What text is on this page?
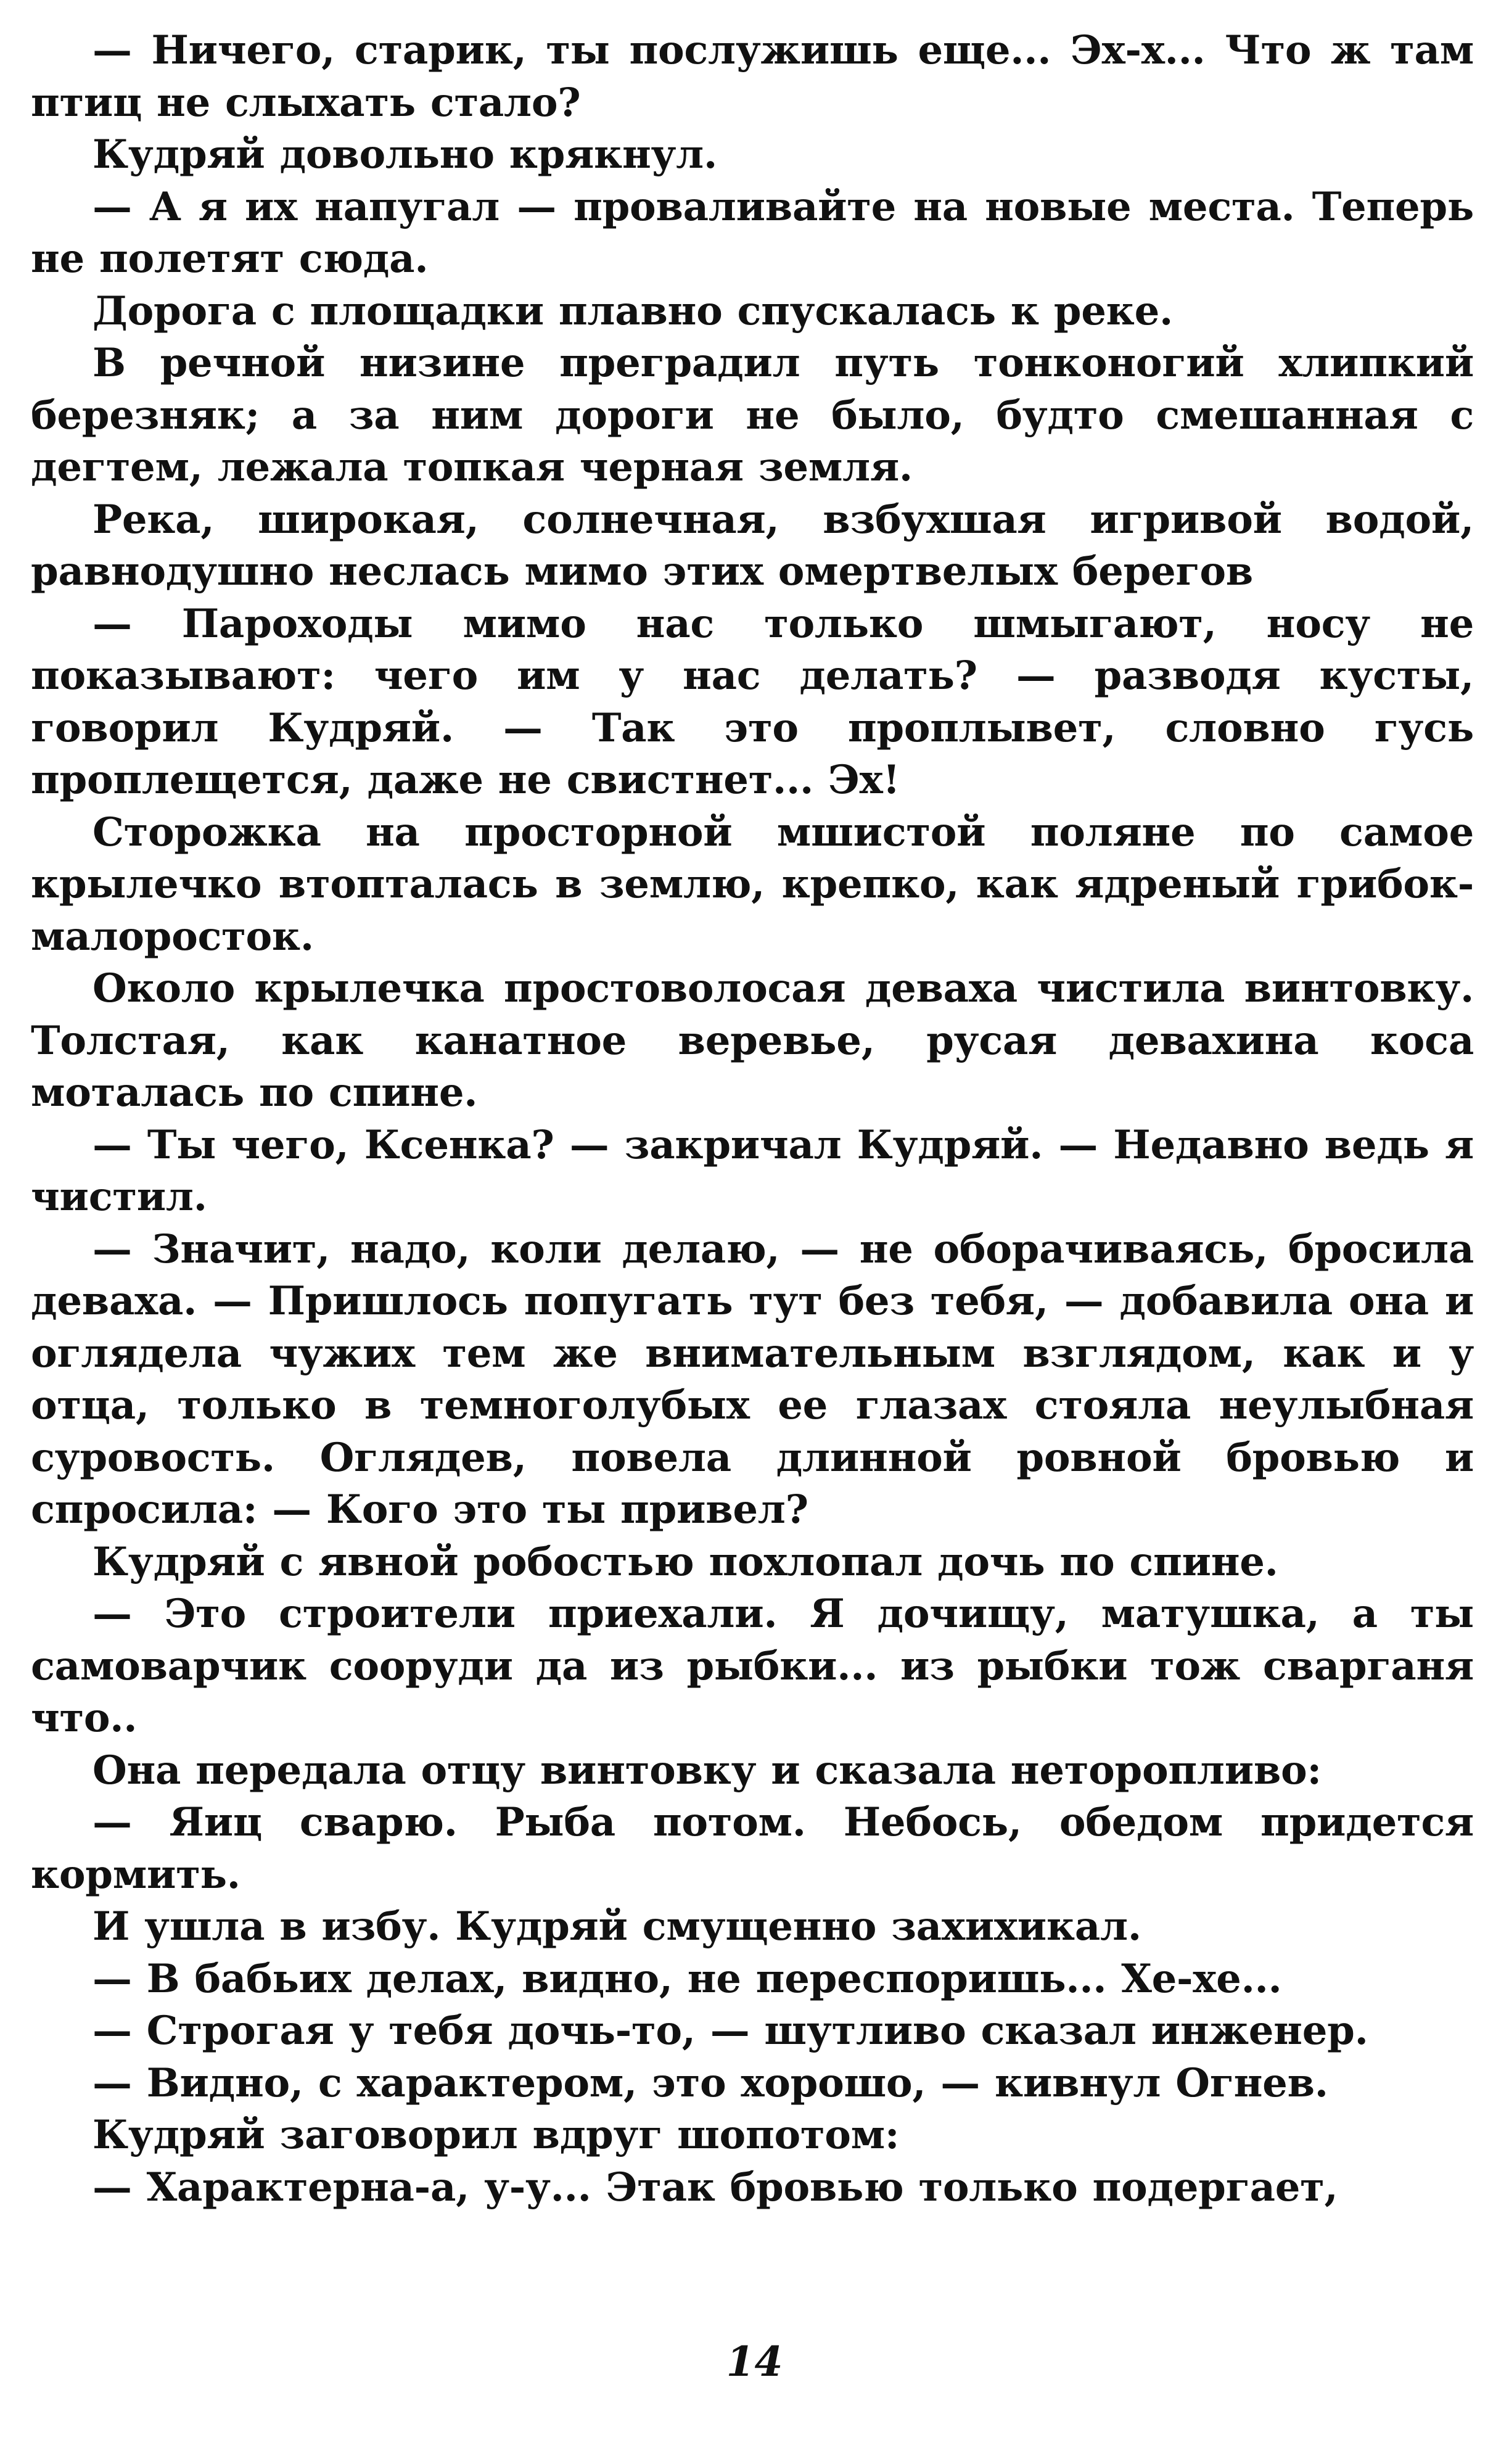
— Ничего, старик, ты послужишь еще... Эх-х... Что ж там птиц не слыхать стало?

Кудряй довольно крякнул.

— А я их напугал — проваливайте на новые места. Теперь не полетят сюда.

Дорога с площадки плавно спускалась к реке.

В речной низине преградил путь тонконогий хлипкий березняк; а за ним дороги не было, будто смешанная с дегтем, лежала топкая черная земля.

Река, широкая, солнечная, взбухшая игривой водой, равнодушно неслась мимо этих омертвелых берегов

— Пароходы мимо нас только шмыгают, носу не показывают: чего им у нас делать? — разводя кусты, говорил Кудряй. — Так это проплывет, словно гусь проплещется, даже не свистнет... Эх!

Сторожка на просторной мшистой поляне по самое крылечко втопталась в землю, крепко, как ядреный грибок-малоросток.

Около крылечка простоволосая деваха чистила винтовку. Толстая, как канатное веревье, русая девахина коса моталась по спине.

— Ты чего, Ксенка? — закричал Кудряй. — Недавно ведь я чистил.

— Значит, надо, коли делаю, — не оборачиваясь, бросила деваха. — Пришлось попугать тут без тебя, — добавила она и оглядела чужих тем же внимательным взглядом, как и у отца, только в темноголубых ее глазах стояла неулыбная суровость. Оглядев, повела длинной ровной бровью и спросила: — Кого это ты привел?

Кудряй с явной робостью похлопал дочь по спине.

— Это строители приехали. Я дочищу, матушка, а ты самоварчик сооруди да из рыбки... из рыбки тож сварганя что..

Она передала отцу винтовку и сказала неторопливо:

— Яиц сварю. Рыба потом. Небось, обедом придется кормить.

И ушла в избу. Кудряй смущенно захихикал.

— В бабьих делах, видно, не переспоришь... Хе-хе...

— Строгая у тебя дочь-то, — шутливо сказал инженер.

— Видно, с характером, это хорошо, — кивнул Огнев.

Кудряй заговорил вдруг шопотом:

— Характерна-а, у-у... Этак бровью только подергает,

14
